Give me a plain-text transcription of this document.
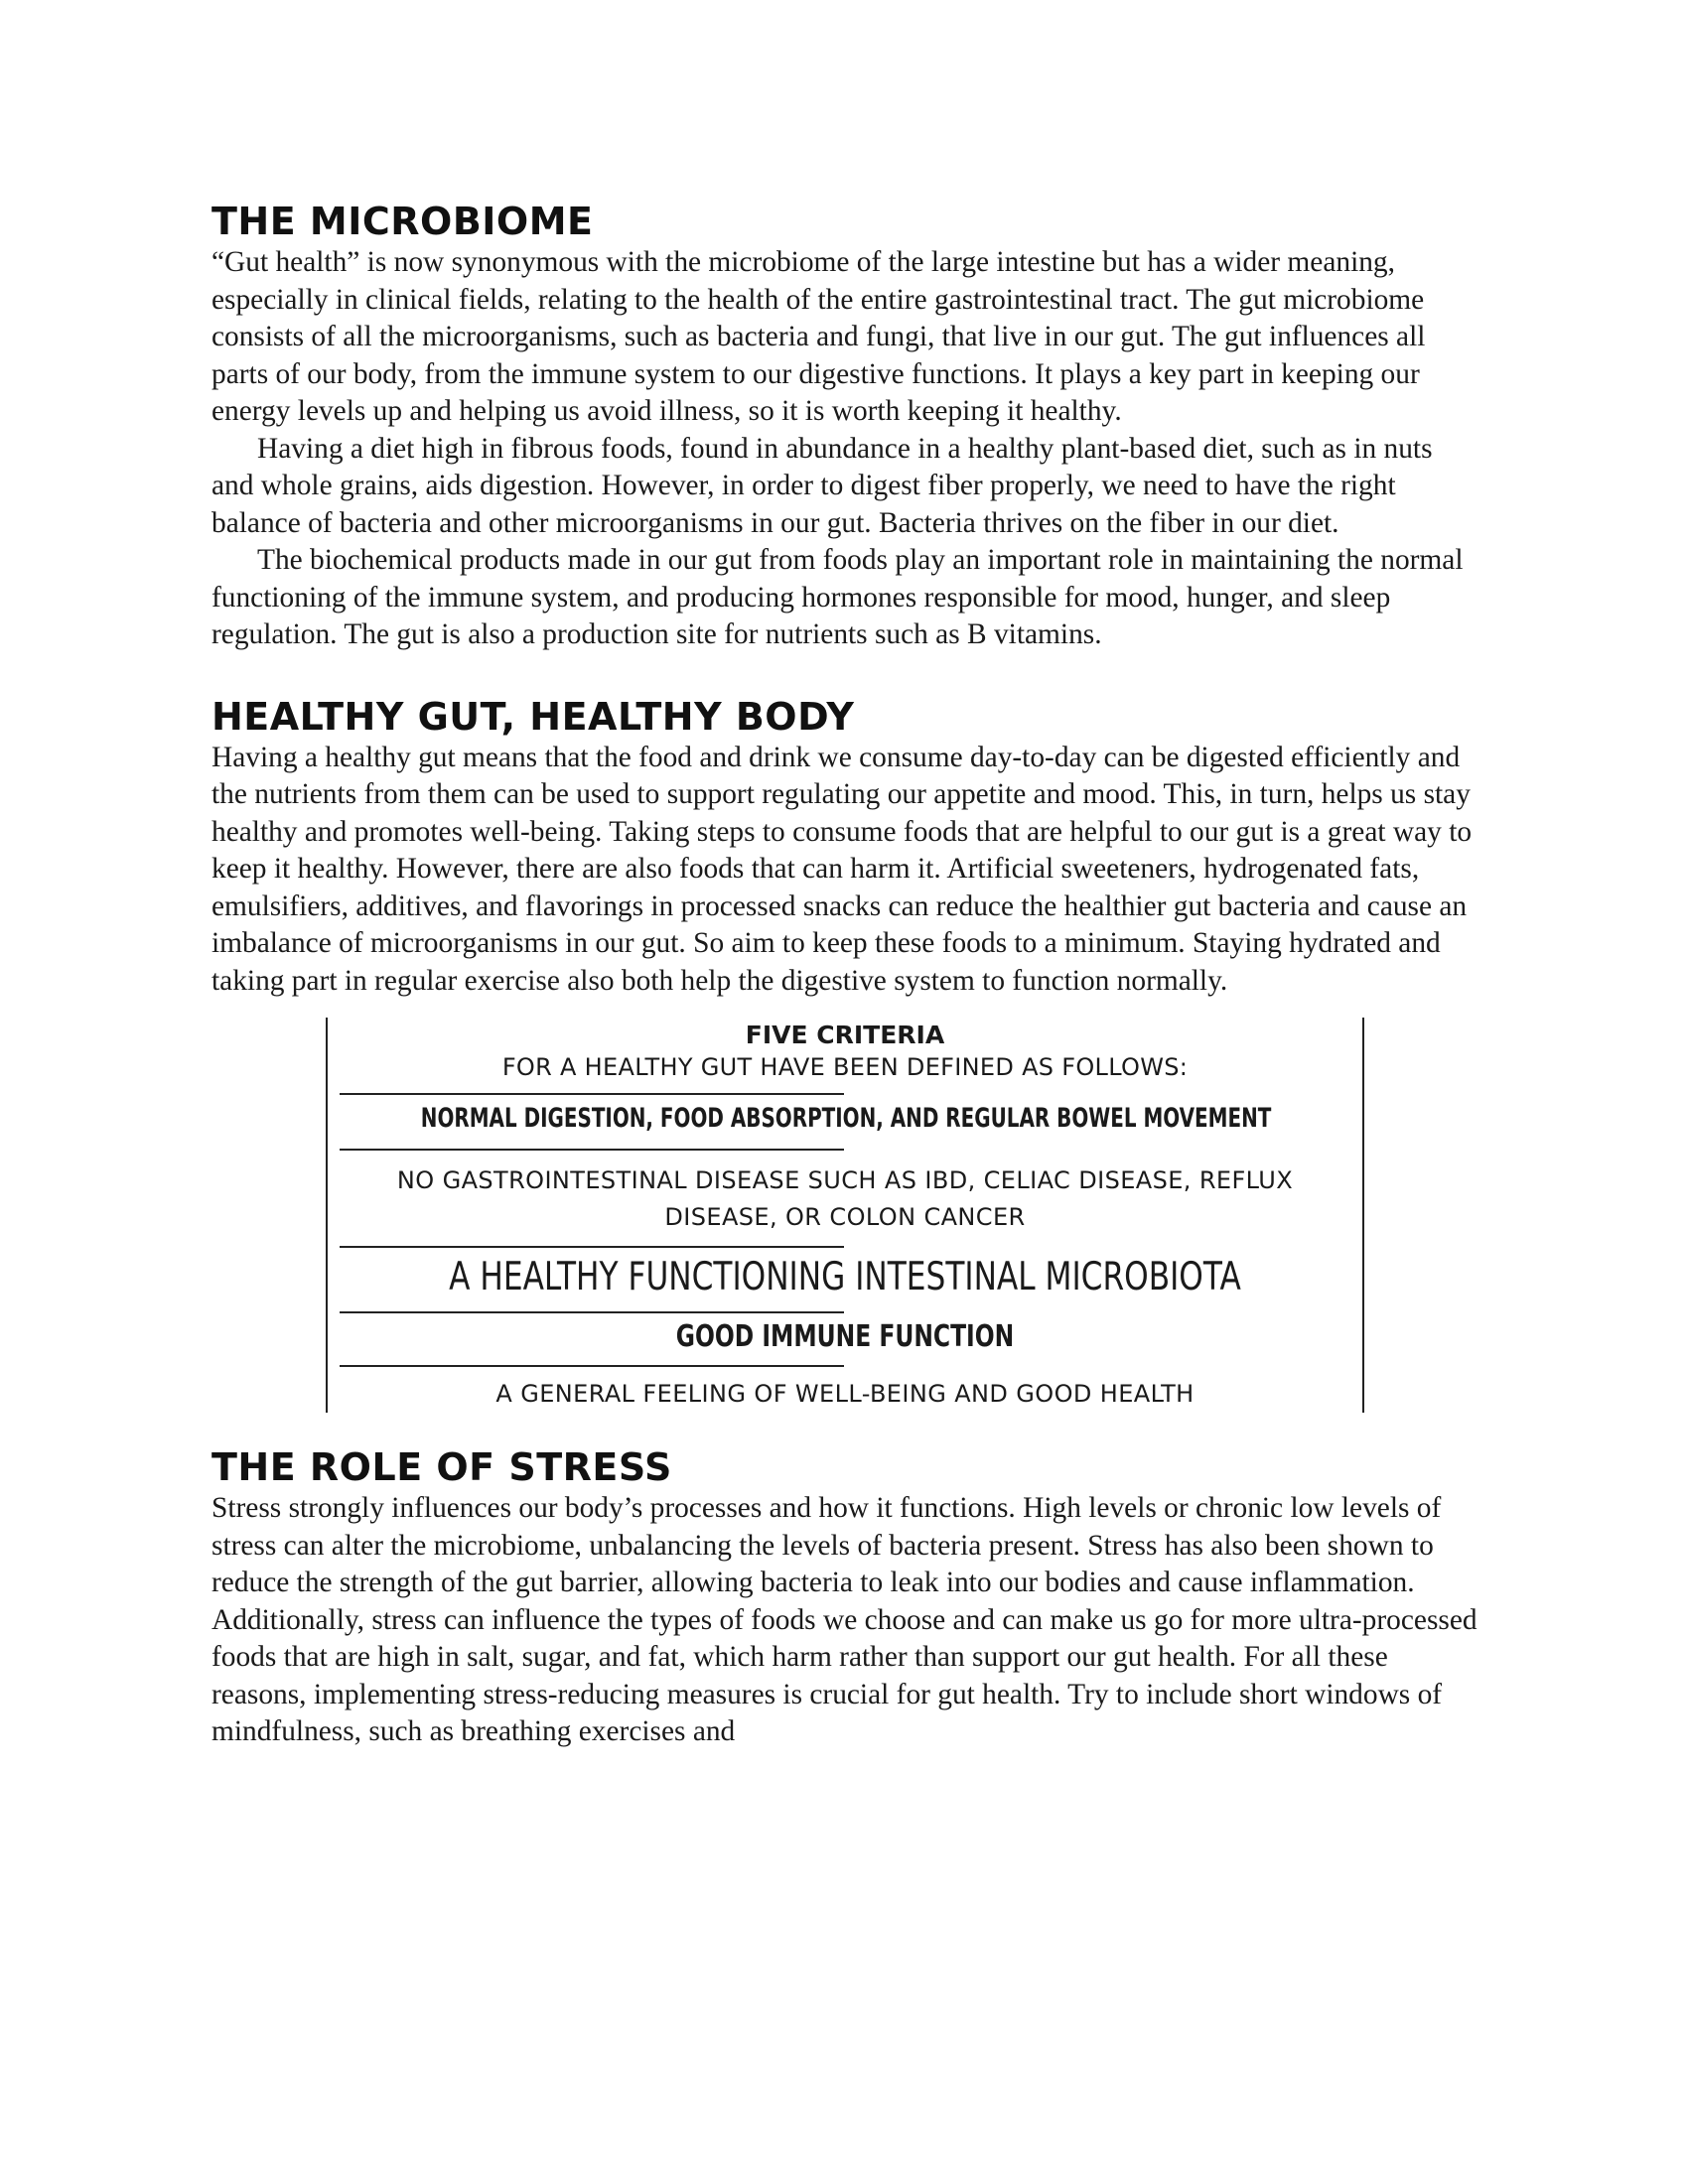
THE MICROBIOME

“Gut health” is now synonymous with the microbiome of the large intestine but has a wider meaning, especially in clinical fields, relating to the health of the entire gastrointestinal tract. The gut microbiome consists of all the microorganisms, such as bacteria and fungi, that live in our gut. The gut influences all parts of our body, from the immune system to our digestive functions. It plays a key part in keeping our energy levels up and helping us avoid illness, so it is worth keeping it healthy.

Having a diet high in fibrous foods, found in abundance in a healthy plant-based diet, such as in nuts and whole grains, aids digestion. However, in order to digest fiber properly, we need to have the right balance of bacteria and other microorganisms in our gut. Bacteria thrives on the fiber in our diet.

The biochemical products made in our gut from foods play an important role in maintaining the normal functioning of the immune system, and producing hormones responsible for mood, hunger, and sleep regulation. The gut is also a production site for nutrients such as B vitamins.

HEALTHY GUT, HEALTHY BODY

Having a healthy gut means that the food and drink we consume day-to-day can be digested efficiently and the nutrients from them can be used to support regulating our appetite and mood. This, in turn, helps us stay healthy and promotes well-being. Taking steps to consume foods that are helpful to our gut is a great way to keep it healthy. However, there are also foods that can harm it. Artificial sweeteners, hydrogenated fats, emulsifiers, additives, and flavorings in processed snacks can reduce the healthier gut bacteria and cause an imbalance of microorganisms in our gut. So aim to keep these foods to a minimum. Staying hydrated and taking part in regular exercise also both help the digestive system to function normally.

FIVE CRITERIA
FOR A HEALTHY GUT HAVE BEEN DEFINED AS FOLLOWS:
NORMAL DIGESTION, FOOD ABSORPTION, AND REGULAR BOWEL MOVEMENT
NO GASTROINTESTINAL DISEASE SUCH AS IBD, CELIAC DISEASE, REFLUX DISEASE, OR COLON CANCER
A HEALTHY FUNCTIONING INTESTINAL MICROBIOTA
GOOD IMMUNE FUNCTION
A GENERAL FEELING OF WELL-BEING AND GOOD HEALTH
THE ROLE OF STRESS

Stress strongly influences our body’s processes and how it functions. High levels or chronic low levels of stress can alter the microbiome, unbalancing the levels of bacteria present. Stress has also been shown to reduce the strength of the gut barrier, allowing bacteria to leak into our bodies and cause inflammation. Additionally, stress can influence the types of foods we choose and can make us go for more ultra-processed foods that are high in salt, sugar, and fat, which harm rather than support our gut health. For all these reasons, implementing stress-reducing measures is crucial for gut health. Try to include short windows of mindfulness, such as breathing exercises and
